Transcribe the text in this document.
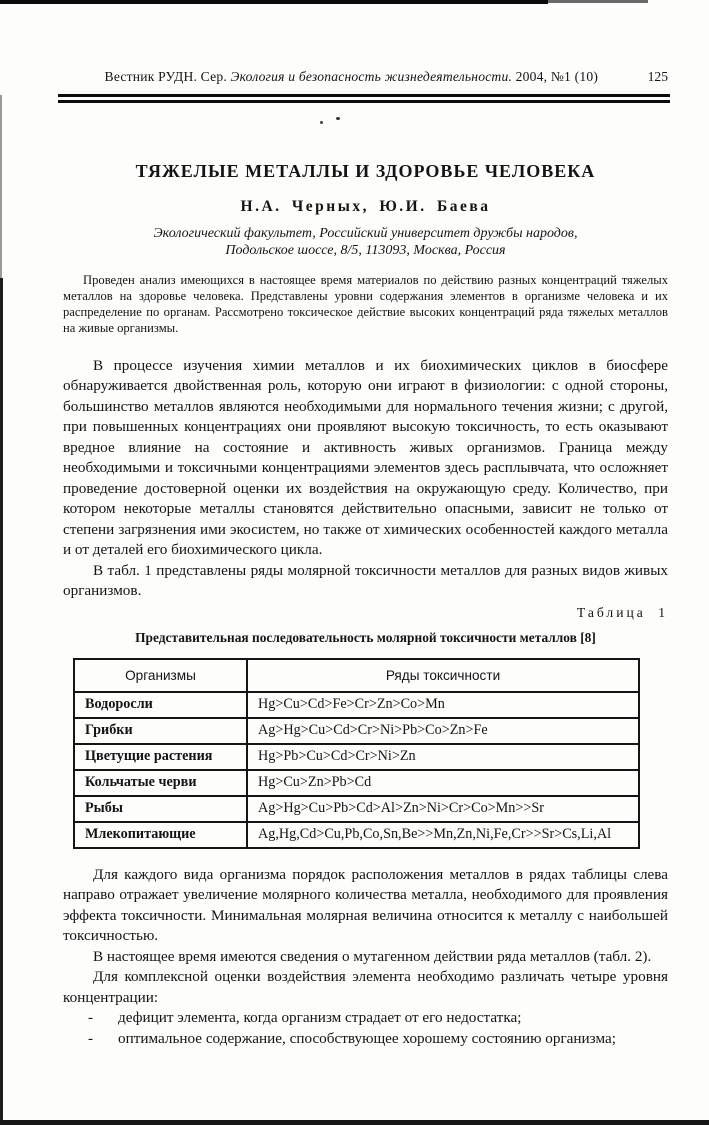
Вестник РУДН. Сер. Экология и безопасность жизнедеятельности. 2004, №1 (10)	125
ТЯЖЕЛЫЕ МЕТАЛЛЫ И ЗДОРОВЬЕ ЧЕЛОВЕКА
Н.А. Черных, Ю.И. Баева
Экологический факультет, Российский университет дружбы народов,
Подольское шоссе, 8/5, 113093, Москва, Россия
Проведен анализ имеющихся в настоящее время материалов по действию разных концентраций тяжелых металлов на здоровье человека. Представлены уровни содержания элементов в организме человека и их распределение по органам. Рассмотрено токсическое действие высоких концентраций ряда тяжелых металлов на живые организмы.

В процессе изучения химии металлов и их биохимических циклов в биосфере обнаруживается двойственная роль, которую они играют в физиологии: с одной стороны, большинство металлов являются необходимыми для нормального течения жизни; с другой, при повышенных концентрациях они проявляют высокую токсичность, то есть оказывают вредное влияние на состояние и активность живых организмов. Граница между необходимыми и токсичными концентрациями элементов здесь расплывчата, что осложняет проведение достоверной оценки их воздействия на окружающую среду. Количество, при котором некоторые металлы становятся действительно опасными, зависит не только от степени загрязнения ими экосистем, но также от химических особенностей каждого металла и от деталей его биохимического цикла.

В табл. 1 представлены ряды молярной токсичности металлов для разных видов живых организмов.

Таблица 1
Представительная последовательность молярной токсичности металлов [8]
Организмы	Ряды токсичности
Водоросли	Hg>Cu>Cd>Fe>Cr>Zn>Co>Mn
Грибки	Ag>Hg>Cu>Cd>Cr>Ni>Pb>Co>Zn>Fe
Цветущие растения	Hg>Pb>Cu>Cd>Cr>Ni>Zn
Кольчатые черви	Hg>Cu>Zn>Pb>Cd
Рыбы	Ag>Hg>Cu>Pb>Cd>Al>Zn>Ni>Cr>Co>Mn>>Sr
Млекопитающие	Ag,Hg,Cd>Cu,Pb,Co,Sn,Be>>Mn,Zn,Ni,Fe,Cr>>Sr>Cs,Li,Al

Для каждого вида организма порядок расположения металлов в рядах таблицы слева направо отражает увеличение молярного количества металла, необходимого для проявления эффекта токсичности. Минимальная молярная величина относится к металлу с наибольшей токсичностью.

В настоящее время имеются сведения о мутагенном действии ряда металлов (табл. 2).

Для комплексной оценки воздействия элемента необходимо различать четыре уровня концентрации:

- дефицит элемента, когда организм страдает от его недостатка;
- оптимальное содержание, способствующее хорошему состоянию организма;
